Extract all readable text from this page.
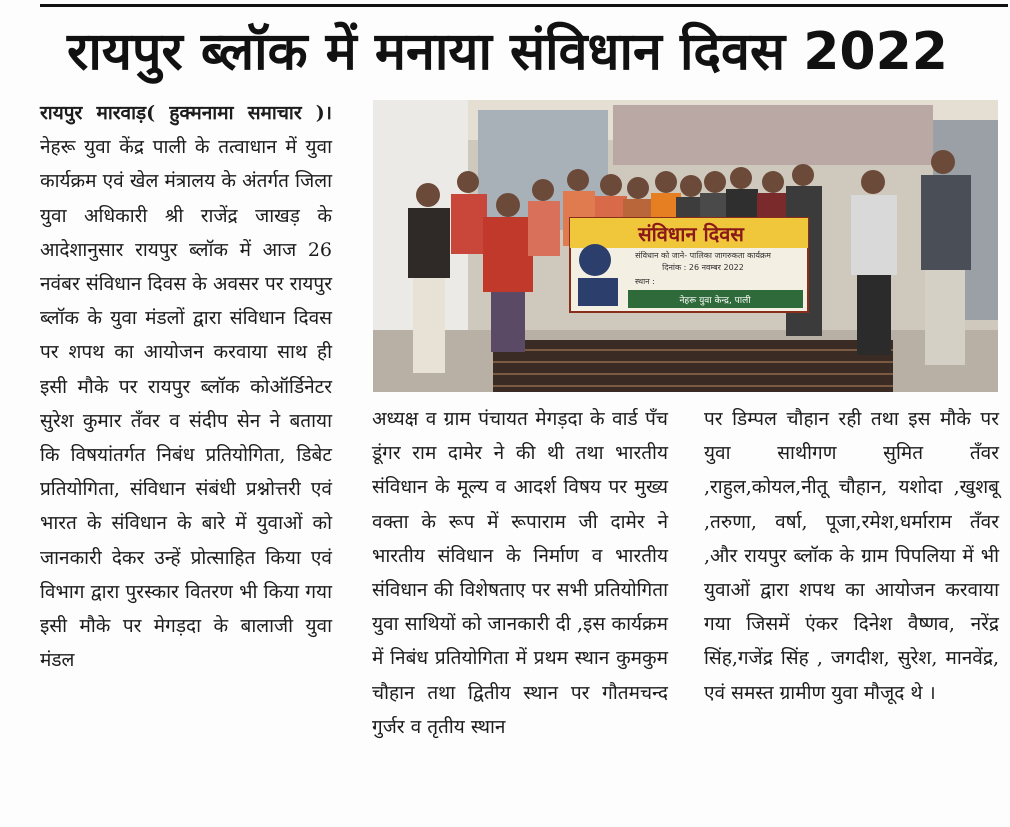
रायपुर ब्लॉक में मनाया संविधान दिवस 2022

रायपुर मारवाड़( हुक्मनामा समाचार )। नेहरू युवा केंद्र पाली के तत्वाधान में युवा कार्यक्रम एवं खेल मंत्रालय के अंतर्गत जिला युवा अधिकारी श्री राजेंद्र जाखड़ के आदेशानुसार रायपुर ब्लॉक में आज 26 नवंबर संविधान दिवस के अवसर पर रायपुर ब्लॉक के युवा मंडलों द्वारा संविधान दिवस पर शपथ का आयोजन करवाया साथ ही इसी मौके पर रायपुर ब्लॉक कोऑर्डिनेटर सुरेश कुमार तँवर व संदीप सेन ने बताया कि विषयांतर्गत निबंध प्रतियोगिता, डिबेट प्रतियोगिता, संविधान संबंधी प्रश्नोत्तरी एवं भारत के संविधान के बारे में युवाओं को जानकारी देकर उन्हें प्रोत्साहित किया एवं विभाग द्वारा पुरस्कार वितरण भी किया गया इसी मौके पर मेगड़दा के बालाजी युवा मंडल

संविधान दिवस
संविधान को जाने- पालिका जागरुकता कार्यक्रम
दिनांक : 26 नवम्बर 2022
स्थान :
नेहरू युवा केन्द्र, पाली

अध्यक्ष व ग्राम पंचायत मेगड़दा के वार्ड पँच डूंगर राम दामेर ने की थी तथा भारतीय संविधान के मूल्य व आदर्श विषय पर मुख्य वक्ता के रूप में रूपाराम जी दामेर ने भारतीय संविधान के निर्माण व भारतीय संविधान की विशेषताए पर सभी प्रतियोगिता युवा साथियों को जानकारी दी ,इस कार्यक्रम में निबंध प्रतियोगिता में प्रथम स्थान कुमकुम चौहान तथा द्वितीय स्थान पर गौतमचन्द गुर्जर व तृतीय स्थान

पर डिम्पल चौहान रही तथा इस मौके पर युवा साथीगण सुमित तँवर ,राहुल,कोयल,नीतू चौहान, यशोदा ,खुशबू ,तरुणा, वर्षा, पूजा,रमेश,धर्माराम तँवर ,और रायपुर ब्लॉक के ग्राम पिपलिया में भी युवाओं द्वारा शपथ का आयोजन करवाया गया जिसमें एंकर दिनेश वैष्णव, नरेंद्र सिंह,गजेंद्र सिंह , जगदीश, सुरेश, मानवेंद्र, एवं समस्त ग्रामीण युवा मौजूद थे ।
